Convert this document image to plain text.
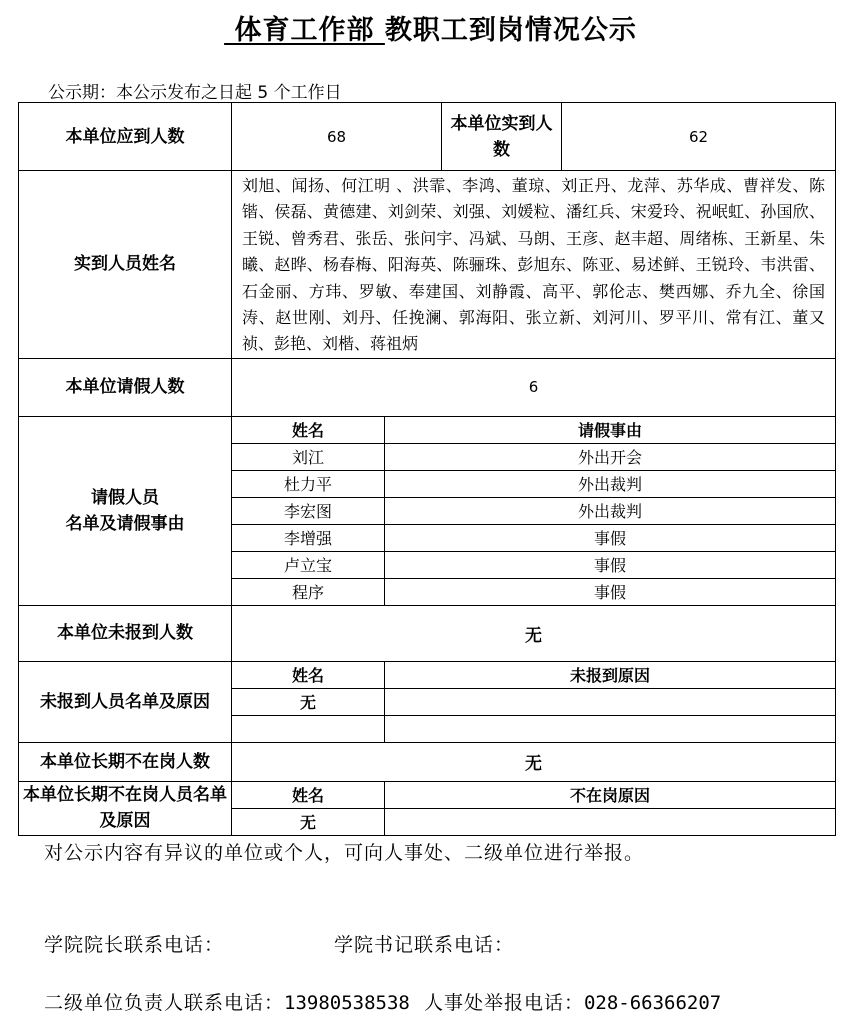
体育工作部 教职工到岗情况公示
公示期：本公示发布之日起 5 个工作日
本单位应到人数	68	本单位实到人数	62
实到人员姓名	刘旭、闻扬、何江明 、洪霏、李鸿、董琼、刘正丹、龙萍、苏华成、曹祥发、陈锴、侯磊、黄德建、刘剑荣、刘强、刘媛粒、潘红兵、宋爱玲、祝岷虹、孙国欣、王锐、曾秀君、张岳、张问宇、冯斌、马朗、王彦、赵丰超、周绪栋、王新星、朱曦、赵晔、杨春梅、阳海英、陈骊珠、彭旭东、陈亚、易述鲜、王锐玲、韦洪雷、石金丽、方玮、罗敏、奉建国、刘静霞、高平、郭伦志、樊西娜、乔九全、徐国涛、赵世刚、刘丹、任挽澜、郭海阳、张立新、刘河川、罗平川、常有江、董又祯、彭艳、刘楷、蒋祖炳
本单位请假人数	6

请假人员
名单及请假事由

姓名	请假事由
刘江	外出开会
杜力平	外出裁判
李宏图	外出裁判
李增强	事假
卢立宝	事假
程序	事假

本单位未报到人数	无
未报到人员名单及原因	
姓名	未报到原因
无	

本单位长期不在岗人数	无
本单位长期不在岗人员名单及原因	
姓名	不在岗原因
无	
对公示内容有异议的单位或个人，可向人事处、二级单位进行举报。
学院院长联系电话：	学院书记联系电话：
二级单位负责人联系电话：13980538538 人事处举报电话：028-66366207
